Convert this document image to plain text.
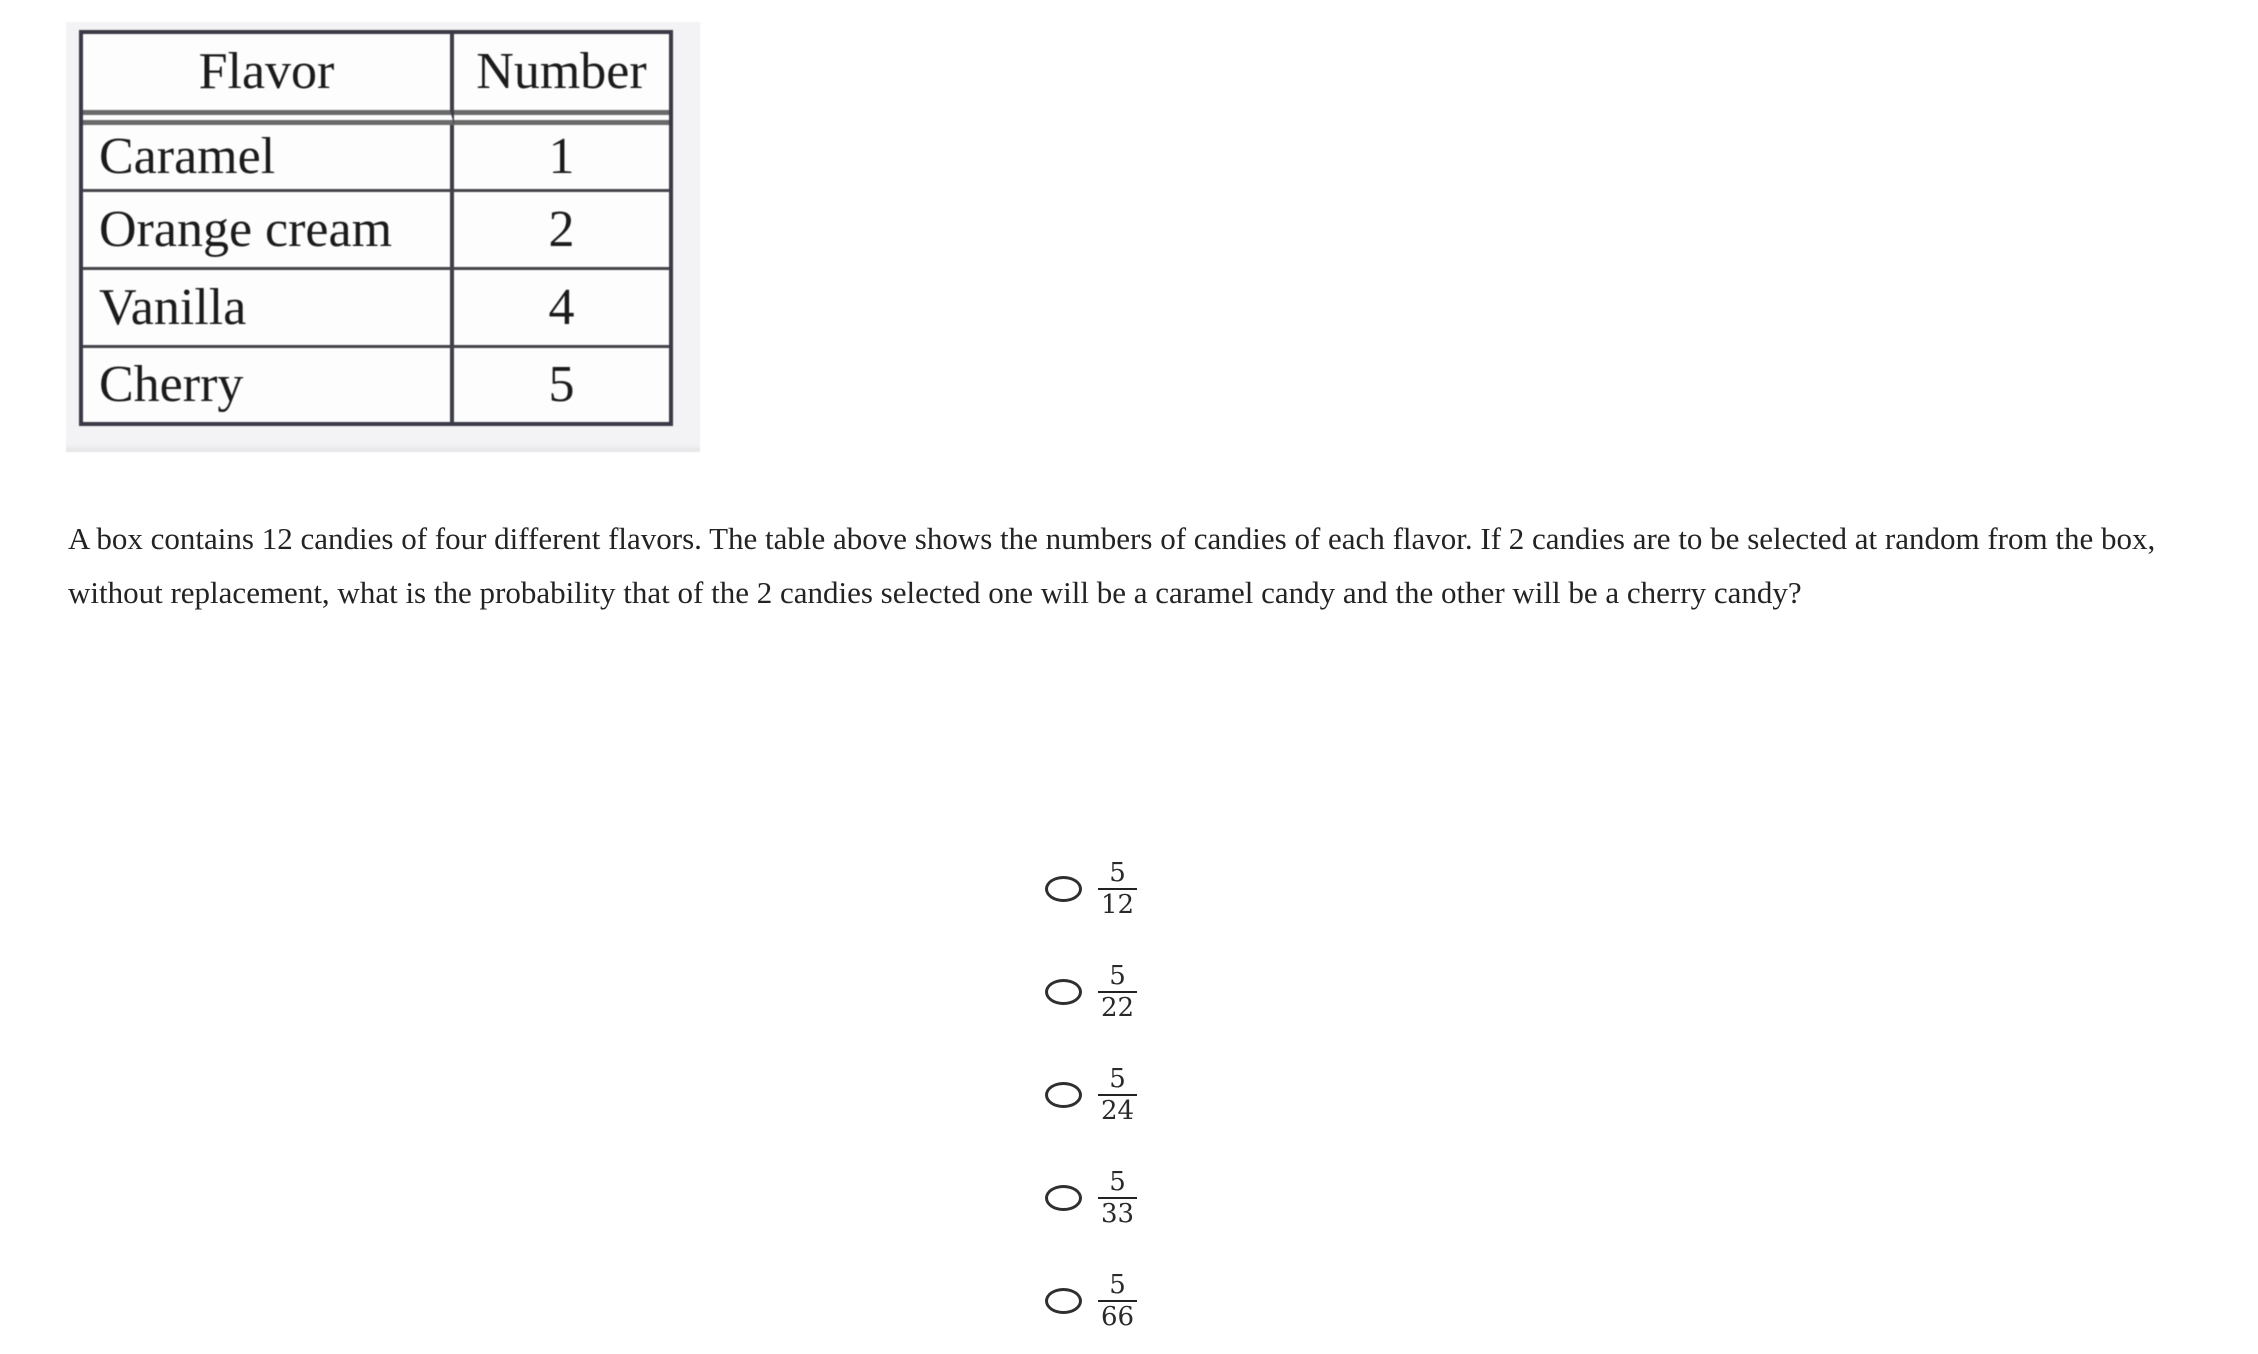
Flavor	Number
Caramel	1
Orange cream	2
Vanilla	4
Cherry	5

A box contains 12 candies of four different flavors. The table above shows the numbers of candies of each flavor. If 2 candies are to be selected at random from the box, without replacement, what is the probability that of the 2 candies selected one will be a caramel candy and the other will be a cherry candy?

$\frac{5}{12}$
$\frac{5}{22}$
$\frac{5}{24}$
$\frac{5}{33}$
$\frac{5}{66}$
